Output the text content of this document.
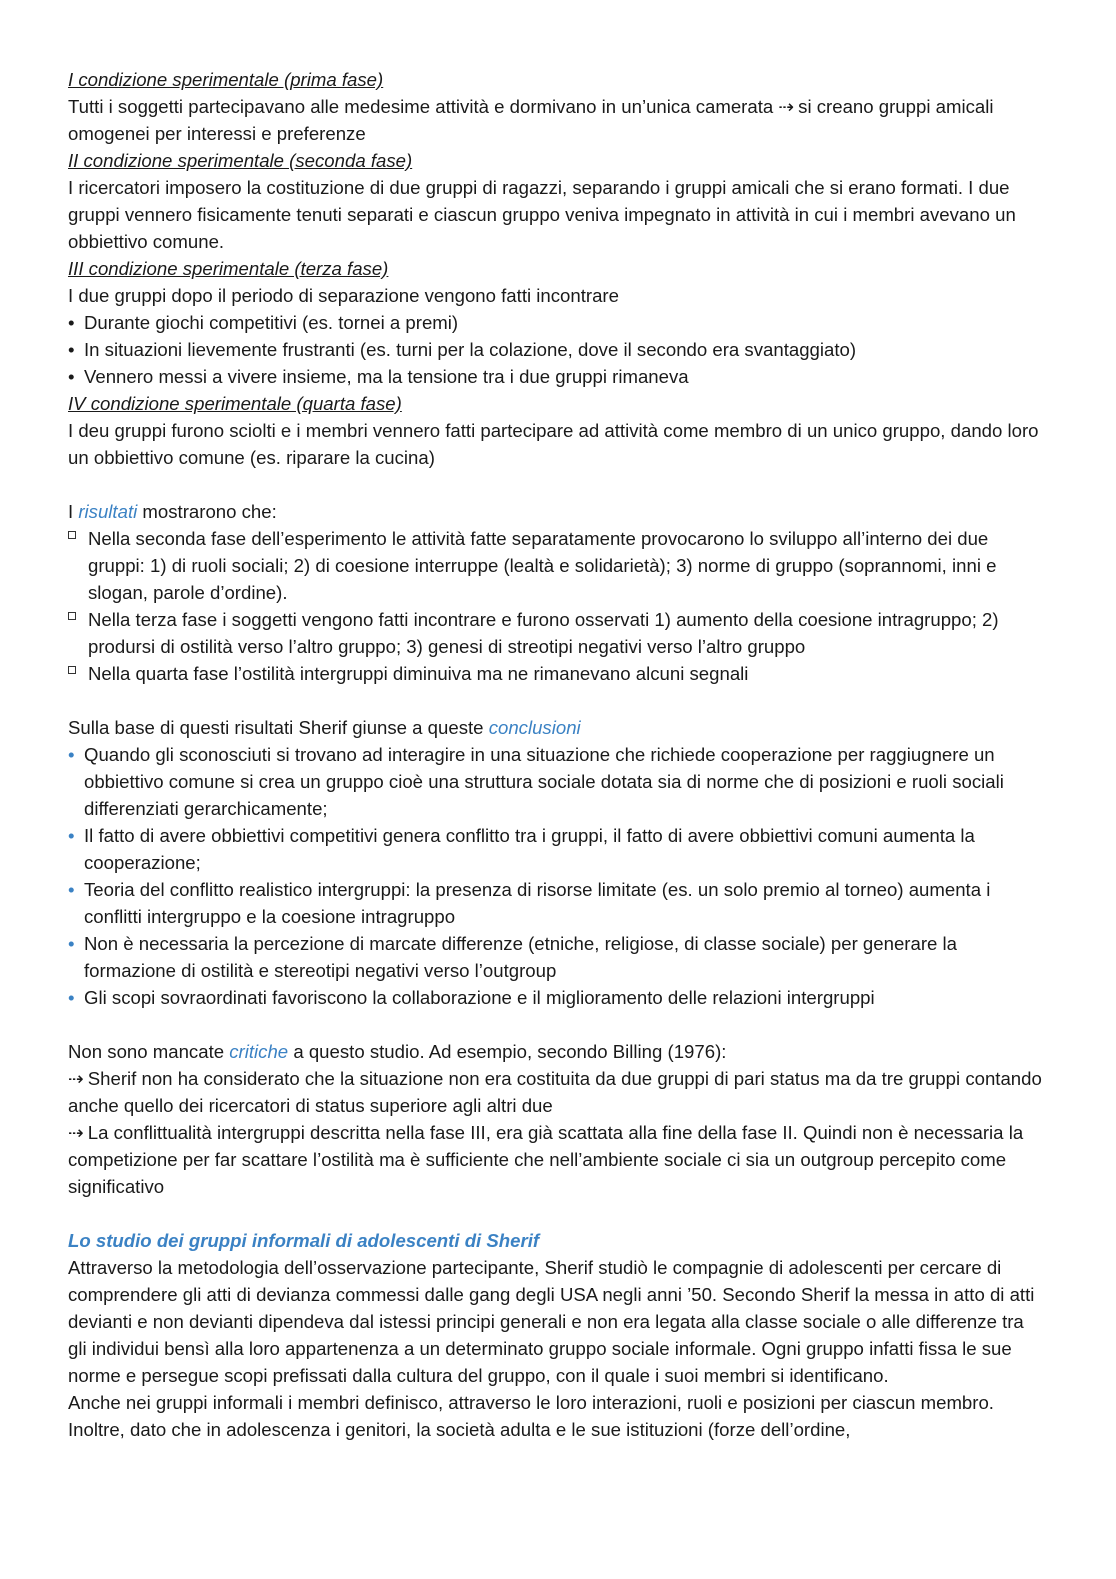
I condizione sperimentale (prima fase)

Tutti i soggetti partecipavano alle medesime attività e dormivano in un’unica camerata ⇢ si creano gruppi amicali omogenei per interessi e preferenze

II condizione sperimentale (seconda fase)

I ricercatori imposero la costituzione di due gruppi di ragazzi, separando i gruppi amicali che si erano formati. I due gruppi vennero fisicamente tenuti separati e ciascun gruppo veniva impegnato in attività in cui i membri avevano un obbiettivo comune.

III condizione sperimentale (terza fase)

I due gruppi dopo il periodo di separazione vengono fatti incontrare

• Durante giochi competitivi (es. tornei a premi)
• In situazioni lievemente frustranti (es. turni per la colazione, dove il secondo era svantaggiato)
• Vennero messi a vivere insieme, ma la tensione tra i due gruppi rimaneva

IV condizione sperimentale (quarta fase)

I deu gruppi furono sciolti e i membri vennero fatti partecipare ad attività come membro di un unico gruppo, dando loro un obbiettivo comune (es. riparare la cucina)

I risultati mostrarono che:

Nella seconda fase dell’esperimento le attività fatte separatamente provocarono lo sviluppo all’interno dei due gruppi: 1) di ruoli sociali; 2) di coesione interruppe (lealtà e solidarietà); 3) norme di gruppo (soprannomi, inni e slogan, parole d’ordine).
Nella terza fase i soggetti vengono fatti incontrare e furono osservati 1) aumento della coesione intragruppo; 2) prodursi di ostilità verso l’altro gruppo; 3) genesi di streotipi negativi verso l’altro gruppo
Nella quarta fase l’ostilità intergruppi diminuiva ma ne rimanevano alcuni segnali

Sulla base di questi risultati Sherif giunse a queste conclusioni

• Quando gli sconosciuti si trovano ad interagire in una situazione che richiede cooperazione per raggiugnere un obbiettivo comune si crea un gruppo cioè una struttura sociale dotata sia di norme che di posizioni e ruoli sociali differenziati gerarchicamente;
• Il fatto di avere obbiettivi competitivi genera conflitto tra i gruppi, il fatto di avere obbiettivi comuni aumenta la cooperazione;
• Teoria del conflitto realistico intergruppi: la presenza di risorse limitate (es. un solo premio al torneo) aumenta i conflitti intergruppo e la coesione intragruppo
• Non è necessaria la percezione di marcate differenze (etniche, religiose, di classe sociale) per generare la formazione di ostilità e stereotipi negativi verso l’outgroup
• Gli scopi sovraordinati favoriscono la collaborazione e il miglioramento delle relazioni intergruppi

Non sono mancate critiche a questo studio. Ad esempio, secondo Billing (1976):

⇢ Sherif non ha considerato che la situazione non era costituita da due gruppi di pari status ma da tre gruppi contando anche quello dei ricercatori di status superiore agli altri due

⇢ La conflittualità intergruppi descritta nella fase III, era già scattata alla fine della fase II. Quindi non è necessaria la competizione per far scattare l’ostilità ma è sufficiente che nell’ambiente sociale ci sia un outgroup percepito come significativo

Lo studio dei gruppi informali di adolescenti di Sherif

Attraverso la metodologia dell’osservazione partecipante, Sherif studiò le compagnie di adolescenti per cercare di comprendere gli atti di devianza commessi dalle gang degli USA negli anni ’50. Secondo Sherif la messa in atto di atti devianti e non devianti dipendeva dal istessi principi generali e non era legata alla classe sociale o alle differenze tra gli individui bensì alla loro appartenenza a un determinato gruppo sociale informale. Ogni gruppo infatti fissa le sue norme e persegue scopi prefissati dalla cultura del gruppo, con il quale i suoi membri si identificano.

Anche nei gruppi informali i membri definisco, attraverso le loro interazioni, ruoli e posizioni per ciascun membro. Inoltre, dato che in adolescenza i genitori, la società adulta e le sue istituzioni (forze dell’ordine,
